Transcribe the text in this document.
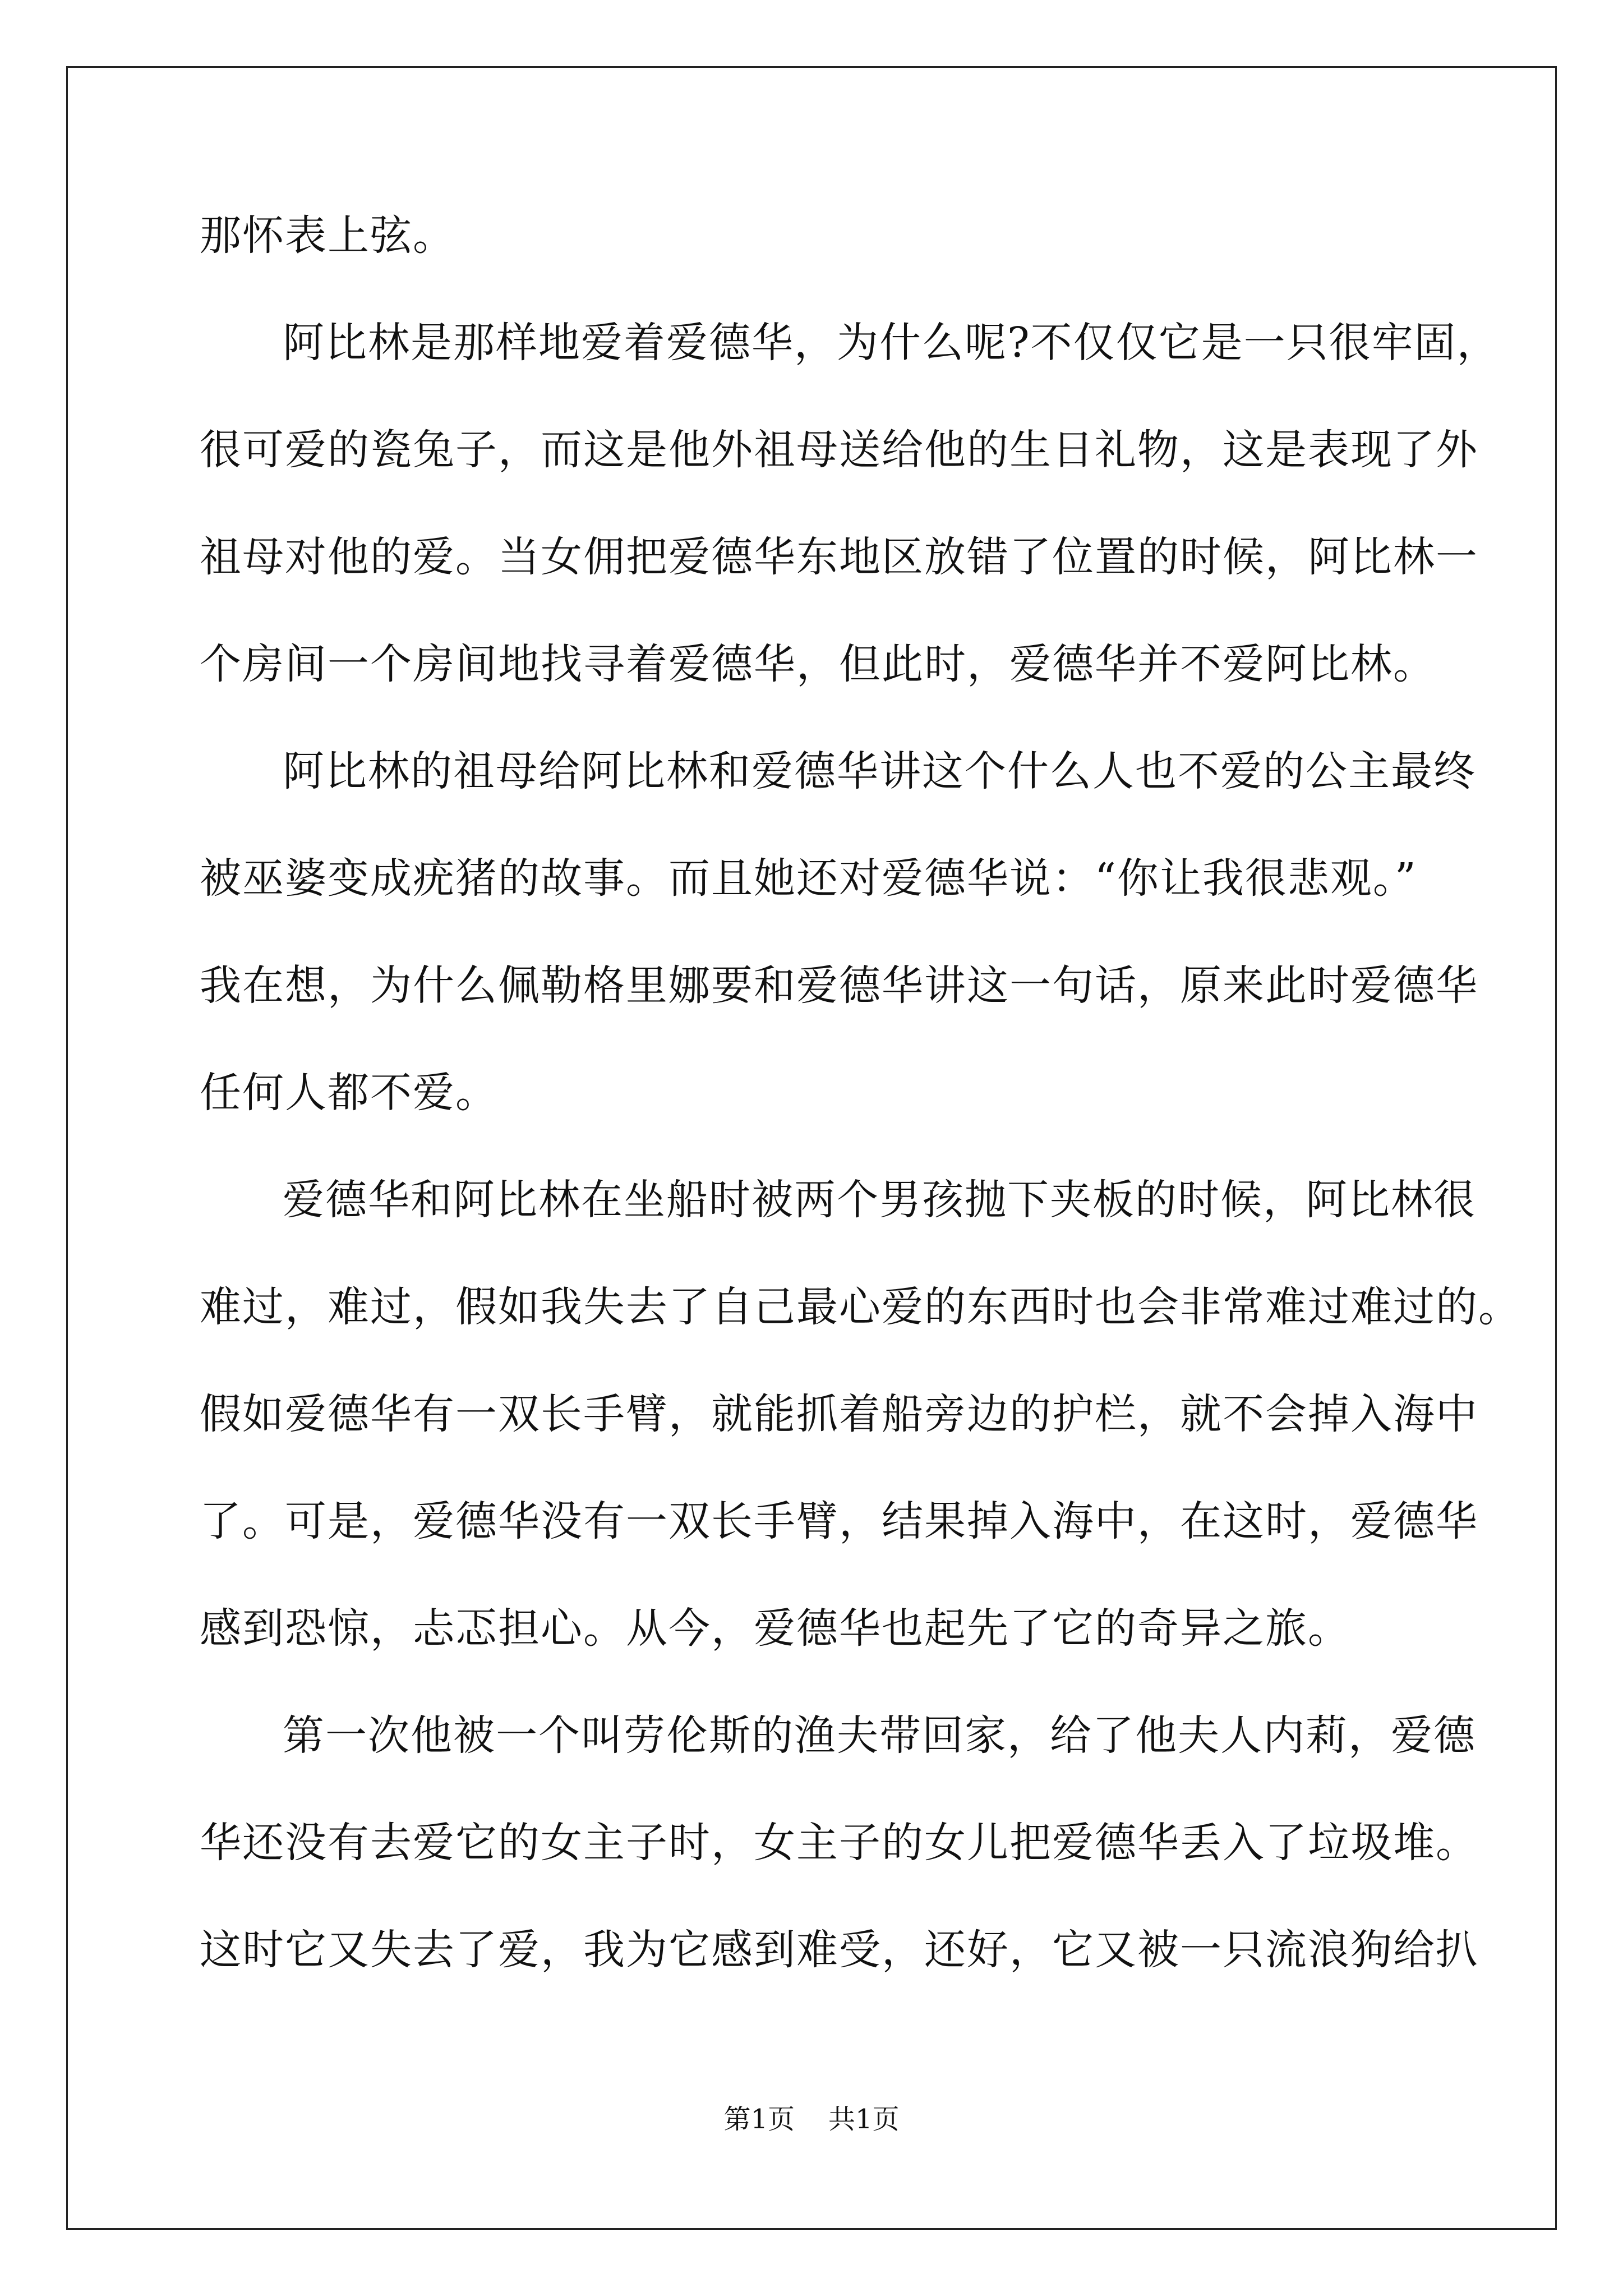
那怀表上弦。
阿比林是那样地爱着爱德华，为什么呢?不仅仅它是一只很牢固，
很可爱的瓷兔子，而这是他外祖母送给他的生日礼物，这是表现了外
祖母对他的爱。当女佣把爱德华东地区放错了位置的时候，阿比林一
个房间一个房间地找寻着爱德华，但此时，爱德华并不爱阿比林。
阿比林的祖母给阿比林和爱德华讲这个什么人也不爱的公主最终
被巫婆变成疣猪的故事。而且她还对爱德华说：“你让我很悲观。”
我在想，为什么佩勒格里娜要和爱德华讲这一句话，原来此时爱德华
任何人都不爱。
爱德华和阿比林在坐船时被两个男孩抛下夹板的时候，阿比林很
难过，难过，假如我失去了自己最心爱的东西时也会非常难过难过的。
假如爱德华有一双长手臂，就能抓着船旁边的护栏，就不会掉入海中
了。可是，爱德华没有一双长手臂，结果掉入海中，在这时，爱德华
感到恐惊，忐忑担心。从今，爱德华也起先了它的奇异之旅。
第一次他被一个叫劳伦斯的渔夫带回家，给了他夫人内莉，爱德
华还没有去爱它的女主子时，女主子的女儿把爱德华丢入了垃圾堆。
这时它又失去了爱，我为它感到难受，还好，它又被一只流浪狗给扒
第1页 共1页
